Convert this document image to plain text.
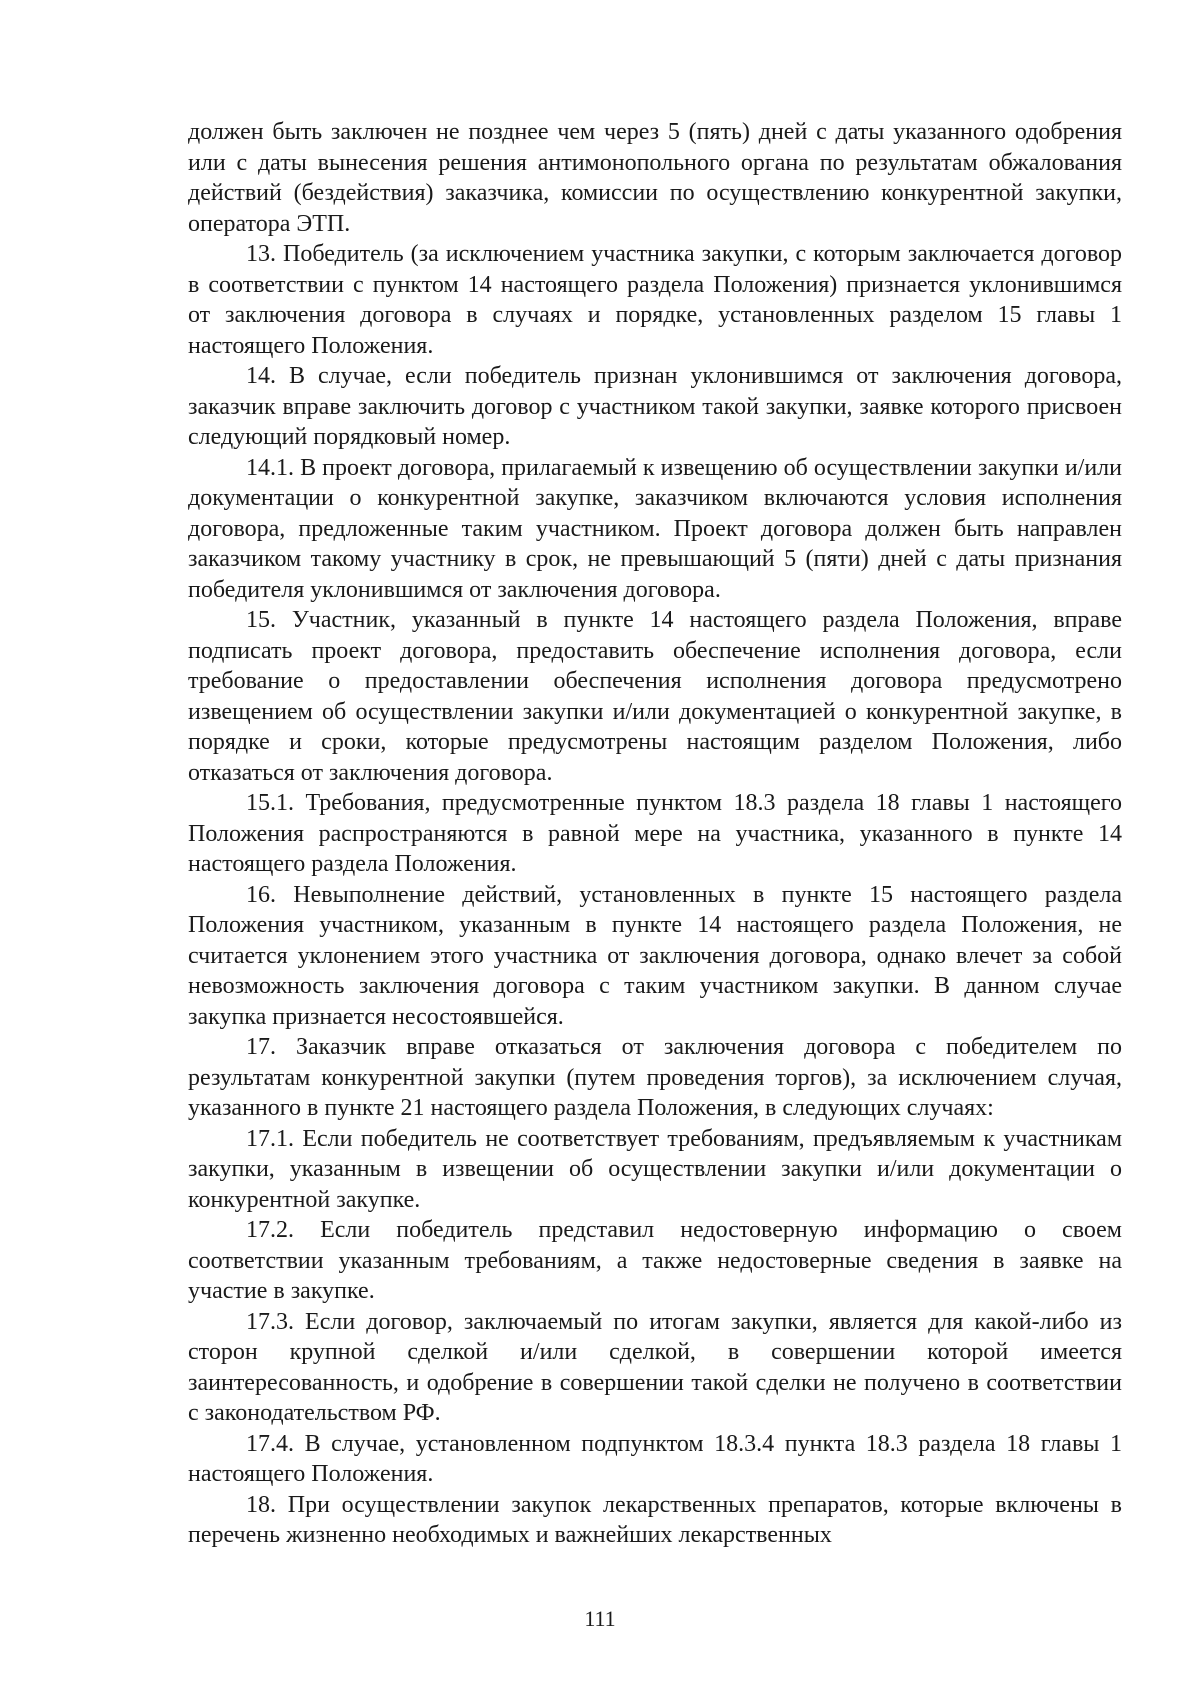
должен быть заключен не позднее чем через 5 (пять) дней с даты указанного одобрения или с даты вынесения решения антимонопольного органа по результатам обжалования действий (бездействия) заказчика, комиссии по осуществлению конкурентной закупки, оператора ЭТП.

13. Победитель (за исключением участника закупки, с которым заключается договор в соответствии с пунктом 14 настоящего раздела Положения) признается уклонившимся от заключения договора в случаях и порядке, установленных разделом 15 главы 1 настоящего Положения.

14. В случае, если победитель признан уклонившимся от заключения договора, заказчик вправе заключить договор с участником такой закупки, заявке которого присвоен следующий порядковый номер.

14.1. В проект договора, прилагаемый к извещению об осуществлении закупки и/или документации о конкурентной закупке, заказчиком включаются условия исполнения договора, предложенные таким участником. Проект договора должен быть направлен заказчиком такому участнику в срок, не превышающий 5 (пяти) дней с даты признания победителя уклонившимся от заключения договора.

15. Участник, указанный в пункте 14 настоящего раздела Положения, вправе подписать проект договора, предоставить обеспечение исполнения договора, если требование о предоставлении обеспечения исполнения договора предусмотрено извещением об осуществлении закупки и/или документацией о конкурентной закупке, в порядке и сроки, которые предусмотрены настоящим разделом Положения, либо отказаться от заключения договора.

15.1. Требования, предусмотренные пунктом 18.3 раздела 18 главы 1 настоящего Положения распространяются в равной мере на участника, указанного в пункте 14 настоящего раздела Положения.

16. Невыполнение действий, установленных в пункте 15 настоящего раздела Положения участником, указанным в пункте 14 настоящего раздела Положения, не считается уклонением этого участника от заключения договора, однако влечет за собой невозможность заключения договора с таким участником закупки. В данном случае закупка признается несостоявшейся.

17. Заказчик вправе отказаться от заключения договора с победителем по результатам конкурентной закупки (путем проведения торгов), за исключением случая, указанного в пункте 21 настоящего раздела Положения, в следующих случаях:

17.1. Если победитель не соответствует требованиям, предъявляемым к участникам закупки, указанным в извещении об осуществлении закупки и/или документации о конкурентной закупке.

17.2. Если победитель представил недостоверную информацию о своем соответствии указанным требованиям, а также недостоверные сведения в заявке на участие в закупке.

17.3. Если договор, заключаемый по итогам закупки, является для какой-либо из сторон крупной сделкой и/или сделкой, в совершении которой имеется заинтересованность, и одобрение в совершении такой сделки не получено в соответствии с законодательством РФ.

17.4. В случае, установленном подпунктом 18.3.4 пункта 18.3 раздела 18 главы 1 настоящего Положения.

18. При осуществлении закупок лекарственных препаратов, которые включены в перечень жизненно необходимых и важнейших лекарственных

111
